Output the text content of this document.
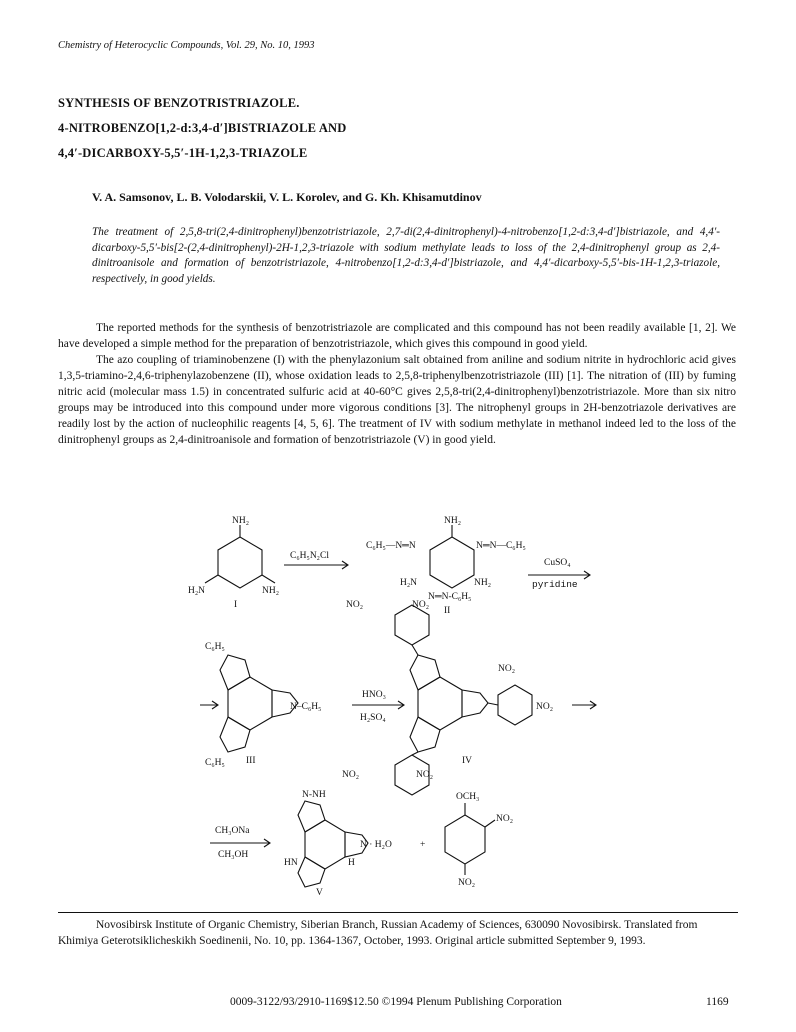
Chemistry of Heterocyclic Compounds, Vol. 29, No. 10, 1993
SYNTHESIS OF BENZOTRISTRIAZOLE.
4-NITROBENZO[1,2-d:3,4-d′]BISTRIAZOLE AND
4,4′-DICARBOXY-5,5′-1H-1,2,3-TRIAZOLE
V. A. Samsonov, L. B. Volodarskii, V. L. Korolev, and G. Kh. Khisamutdinov
The treatment of 2,5,8-tri(2,4-dinitrophenyl)benzotristriazole, 2,7-di(2,4-dinitrophenyl)-4-nitrobenzo[1,2-d:3,4-d′]bistriazole, and 4,4′-dicarboxy-5,5′-bis[2-(2,4-dinitrophenyl)-2H-1,2,3-triazole with sodium methylate leads to loss of the 2,4-dinitrophenyl group as 2,4-dinitroanisole and formation of benzotristriazole, 4-nitrobenzo[1,2-d:3,4-d′]bistriazole, and 4,4′-dicarboxy-5,5′-bis-1H-1,2,3-triazole, respectively, in good yields.

The reported methods for the synthesis of benzotristriazole are complicated and this compound has not been readily available [1, 2]. We have developed a simple method for the preparation of benzotristriazole, which gives this compound in good yield.

The azo coupling of triaminobenzene (I) with the phenylazonium salt obtained from aniline and sodium nitrite in hydrochloric acid gives 1,3,5-triamino-2,4,6-triphenylazobenzene (II), whose oxidation leads to 2,5,8-triphenylbenzotristriazole (III) [1]. The nitration of (III) by fuming nitric acid (molecular mass 1.5) in concentrated sulfuric acid at 40-60°C gives 2,5,8-tri(2,4-dinitrophenyl)benzotristriazole. More than six nitro groups may be introduced into this compound under more vigorous conditions [3]. The nitrophenyl groups in 2H-benzotriazole derivatives are readily lost by the action of nucleophilic reagents [4, 5, 6]. The treatment of IV with sodium methylate in methanol indeed led to the loss of the dinitrophenyl groups as 2,4-dinitroanisole and formation of benzotristriazole (V) in good yield.

NH₂
H₂N	NH₂
I
C₆H₅N₂Cl
NH₂
C₆H₅—N═N	N═N—C₆H₅
H₂N	NH₂
N═N-C₆H₅
II
CuSO₄
pyridine
C₆H₅
N–C₆H₅
C₆H₅ III
HNO₃
H₂SO₄
NO₂	NO₂
NO₂
NO₂
NO₂	NO₂
IV
CH₃ONa
CH₃OH
N-NH
N · H₂O
H
HN
V
+
OCH₃
NO₂
NO₂

Novosibirsk Institute of Organic Chemistry, Siberian Branch, Russian Academy of Sciences, 630090 Novosibirsk. Translated from Khimiya Geterotsiklicheskikh Soedinenii, No. 10, pp. 1364-1367, October, 1993. Original article submitted September 9, 1993.

0009-3122/93/2910-1169$12.50 ©1994 Plenum Publishing Corporation	1169
